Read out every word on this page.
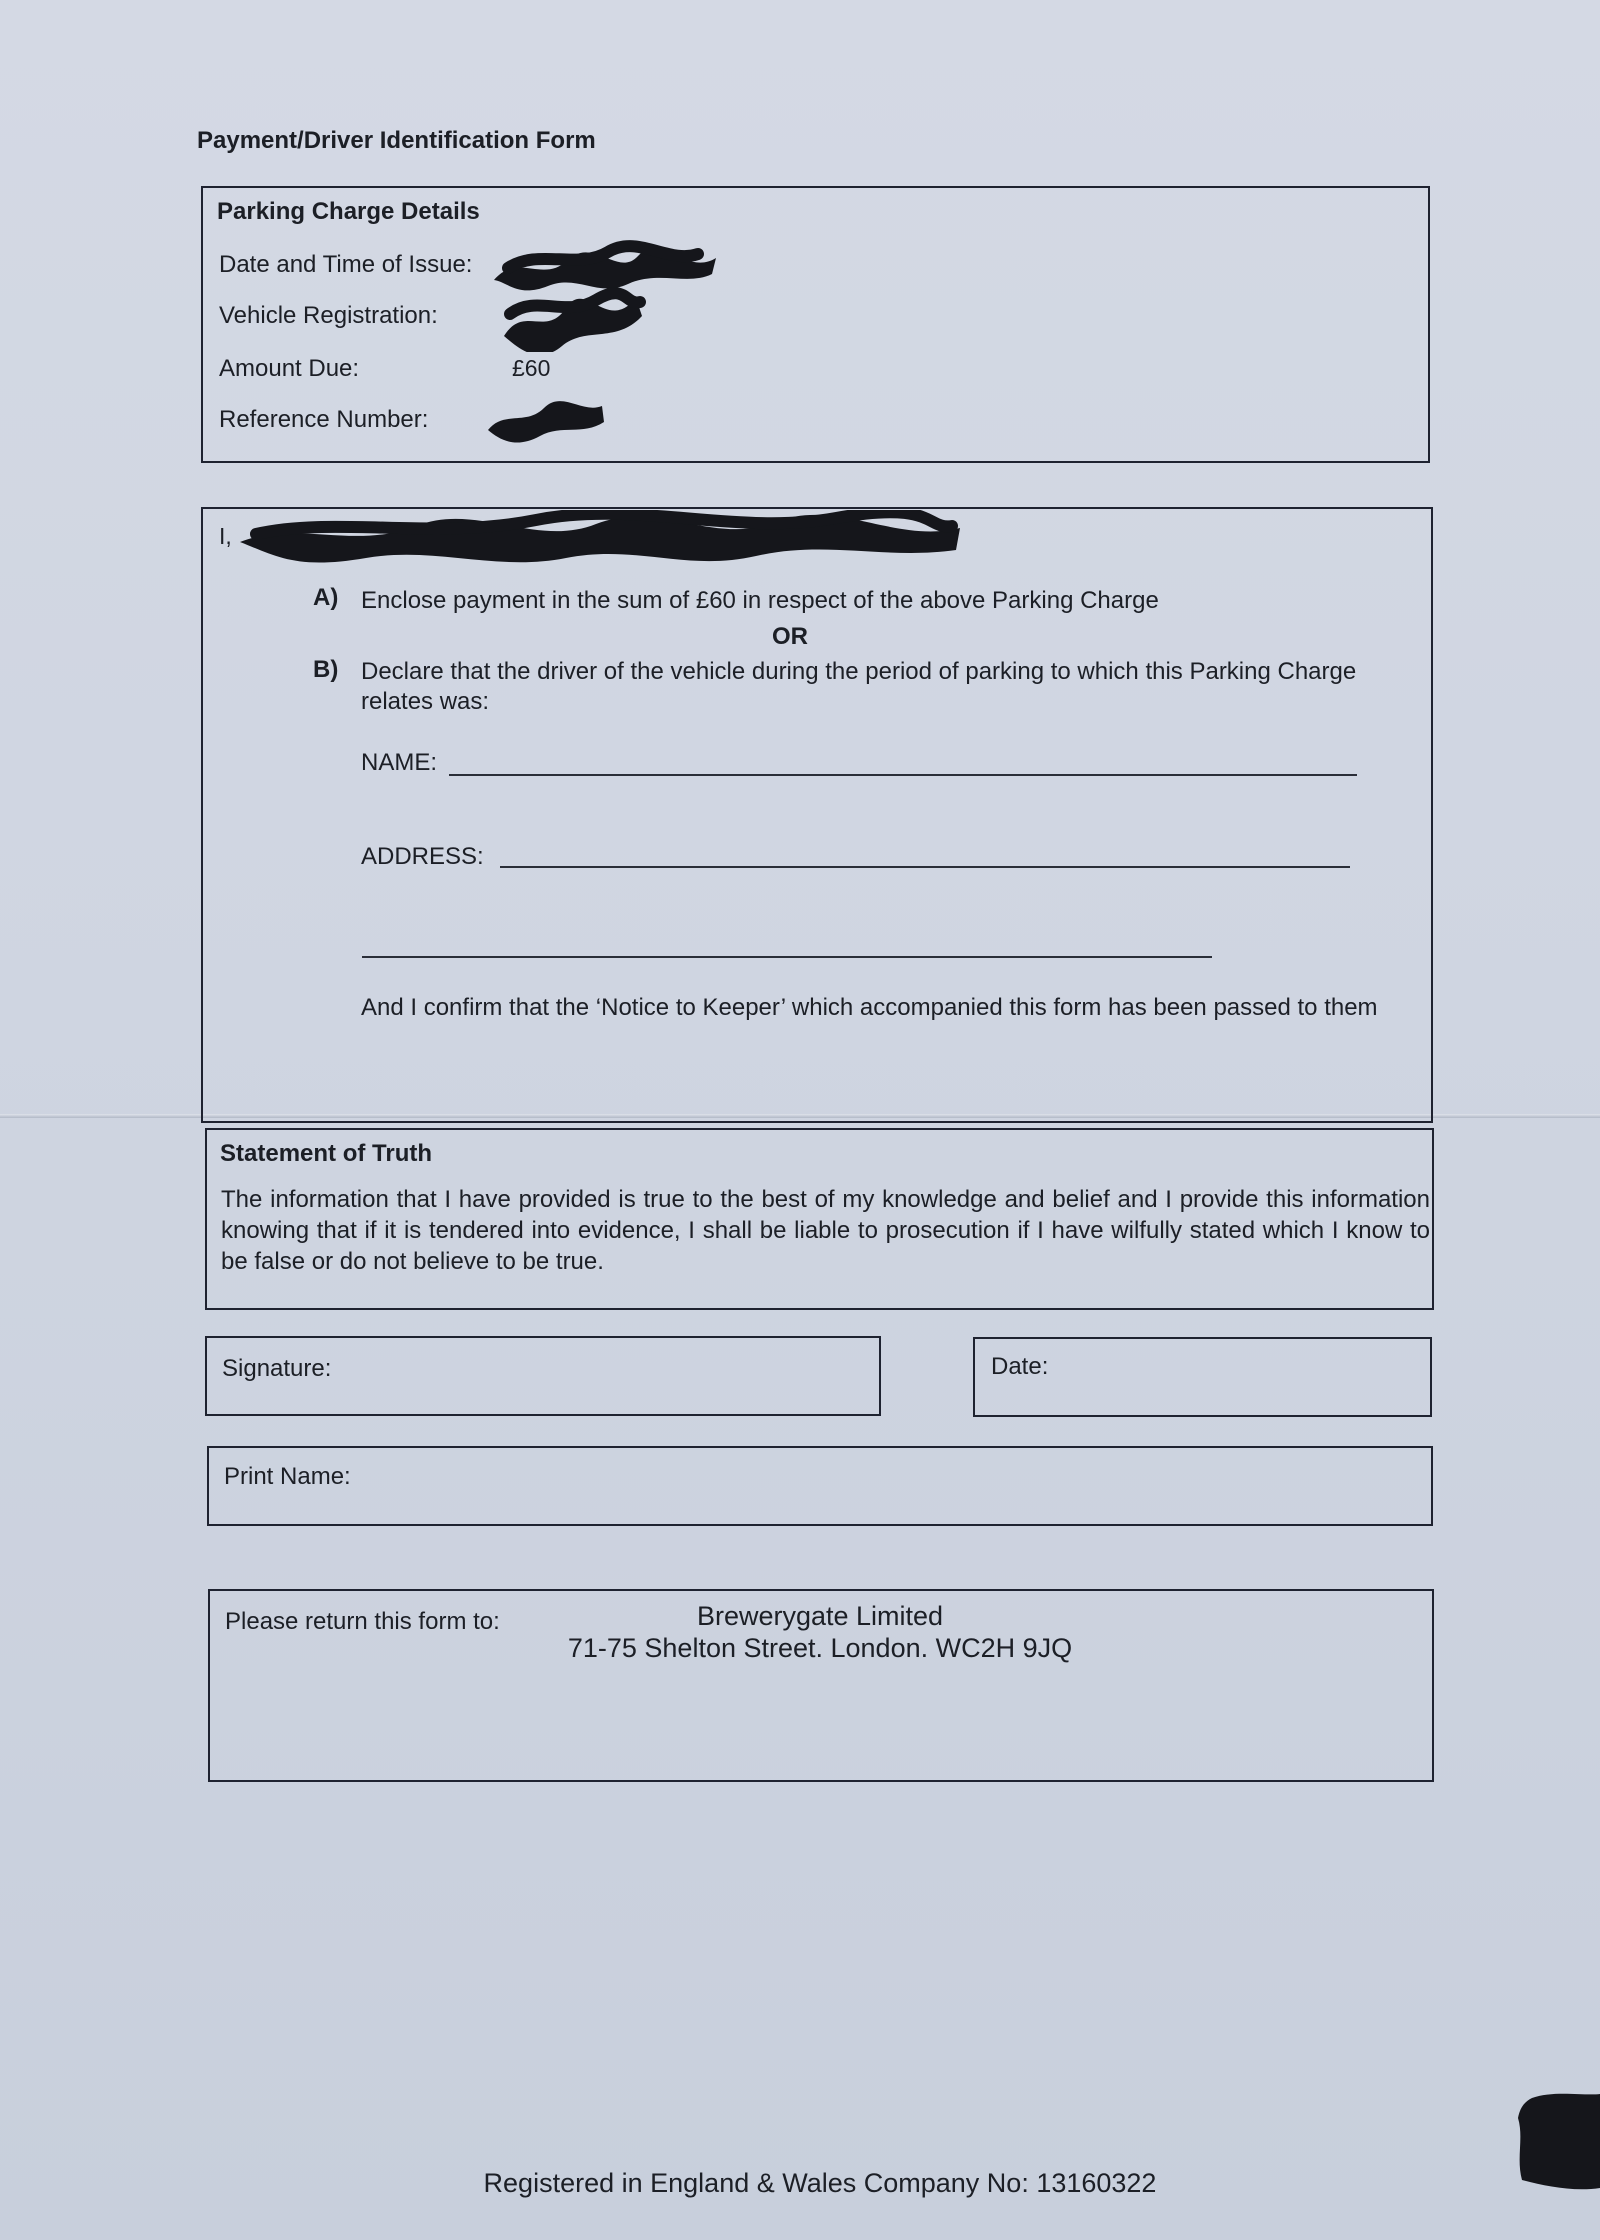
Payment/Driver Identification Form
Parking Charge Details
Date and Time of Issue:
Vehicle Registration:
Amount Due:	£60
Reference Number:
I,
A) Enclose payment in the sum of £60 in respect of the above Parking Charge
OR
B) Declare that the driver of the vehicle during the period of parking to which this Parking Charge relates was:
NAME:
ADDRESS:
And I confirm that the ‘Notice to Keeper’ which accompanied this form has been passed to them
Statement of Truth
The information that I have provided is true to the best of my knowledge and belief and I provide this information knowing that if it is tendered into evidence, I shall be liable to prosecution if I have wilfully stated which I know to be false or do not believe to be true.
Signature:	Date:
Print Name:
Please return this form to:	Brewerygate Limited
71-75 Shelton Street. London. WC2H 9JQ
Registered in England & Wales Company No: 13160322
